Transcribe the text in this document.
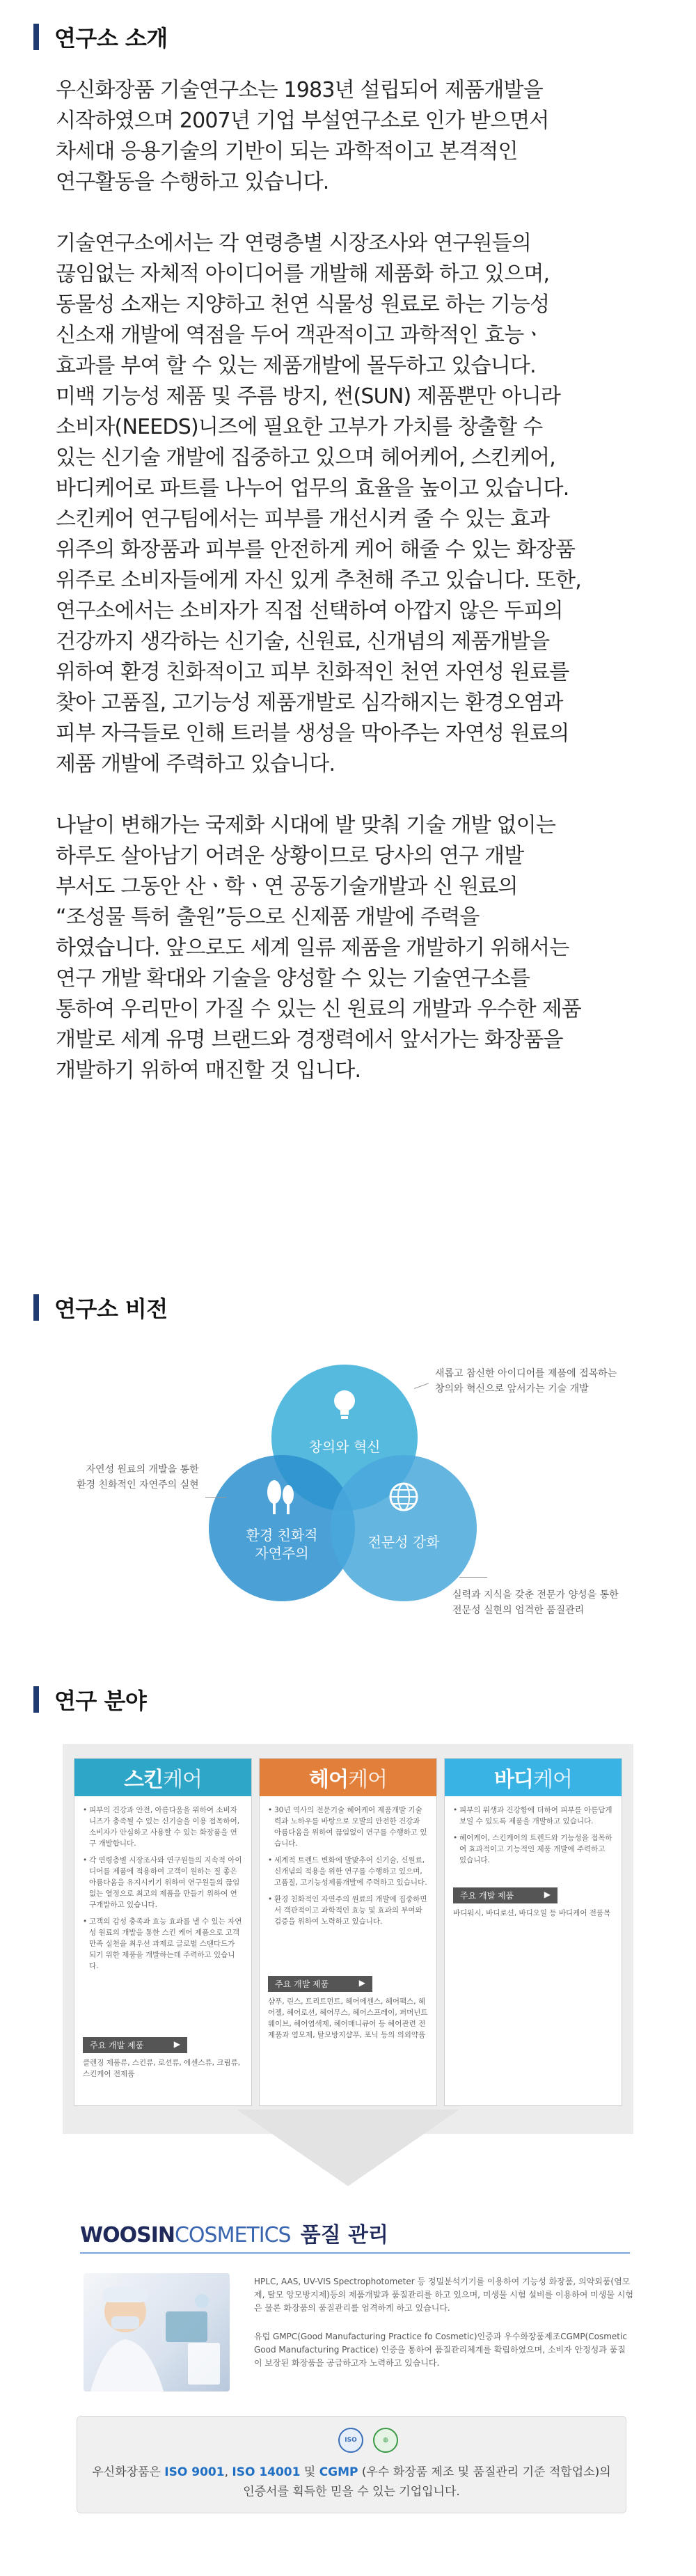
연구소 소개

우신화장품 기술연구소는 1983년 설립되어 제품개발을
시작하였으며 2007년 기업 부설연구소로 인가 받으면서
차세대 응용기술의 기반이 되는 과학적이고 본격적인
연구활동을 수행하고 있습니다.

기술연구소에서는 각 연령층별 시장조사와 연구원들의
끊임없는 자체적 아이디어를 개발해 제품화 하고 있으며,
동물성 소재는 지양하고 천연 식물성 원료로 하는 기능성
신소재 개발에 역점을 두어 객관적이고 과학적인 효능ㆍ
효과를 부여 할 수 있는 제품개발에 몰두하고 있습니다.
미백 기능성 제품 및 주름 방지, 썬(SUN) 제품뿐만 아니라
소비자(NEEDS)니즈에 필요한 고부가 가치를 창출할 수
있는 신기술 개발에 집중하고 있으며 헤어케어, 스킨케어,
바디케어로 파트를 나누어 업무의 효율을 높이고 있습니다.
스킨케어 연구팀에서는 피부를 개선시켜 줄 수 있는 효과
위주의 화장품과 피부를 안전하게 케어 해줄 수 있는 화장품
위주로 소비자들에게 자신 있게 추천해 주고 있습니다. 또한,
연구소에서는 소비자가 직접 선택하여 아깝지 않은 두피의
건강까지 생각하는 신기술, 신원료, 신개념의 제품개발을
위하여 환경 친화적이고 피부 친화적인 천연 자연성 원료를
찾아 고품질, 고기능성 제품개발로 심각해지는 환경오염과
피부 자극들로 인해 트러블 생성을 막아주는 자연성 원료의
제품 개발에 주력하고 있습니다.

나날이 변해가는 국제화 시대에 발 맞춰 기술 개발 없이는
하루도 살아남기 어려운 상황이므로 당사의 연구 개발
부서도 그동안 산ㆍ학ㆍ연 공동기술개발과 신 원료의
“조성물 특허 출원”등으로 신제품 개발에 주력을
하였습니다. 앞으로도 세계 일류 제품을 개발하기 위해서는
연구 개발 확대와 기술을 양성할 수 있는 기술연구소를
통하여 우리만이 가질 수 있는 신 원료의 개발과 우수한 제품
개발로 세계 유명 브랜드와 경쟁력에서 앞서가는 화장품을
개발하기 위하여 매진할 것 입니다.

연구소 비전
창의와 혁신
환경 친화적
자연주의
전문성 강화
새롭고 참신한 아이디어를 제품에 접목하는
창의와 혁신으로 앞서가는 기술 개발
자연성 원료의 개발을 통한
환경 친화적인 자연주의 실현
실력과 지식을 갖춘 전문가 양성을 통한
전문성 실현의 엄격한 품질관리
연구 분야
스킨 케어
• 피부의 건강과 안전, 아름다움을 위하여 소비자 니즈가 충족될 수 있는 신기술을 이용 접목하여, 소비자가 안심하고 사용할 수 있는 화장품을 연구 개발합니다.
• 각 연령층별 시장조사와 연구원들의 지속적 아이디어를 제품에 적용하여 고객이 원하는 질 좋은 아름다움을 유지시키기 위하여 연구원들의 끊임없는 열정으로 최고의 제품을 만들기 위하여 연구개발하고 있습니다.
• 고객의 감성 충족과 효능 효과를 낼 수 있는 자연성 원료의 개발을 통한 스킨 케어 제품으로 고객만족 실천을 최우선 과제로 글로벌 스탠다드가 되기 위한 제품을 개발하는데 주력하고 있습니다.
주요 개발 제품	▶
클렌징 제품류, 스킨류, 로션류, 에센스류, 크림류, 스킨케어 전제품
헤어 케어
• 30년 역사의 전문기술 헤어케어 제품개발 기술력과 노하우를 바탕으로 모발의 안전한 건강과 아름다움을 위하여 끊임없이 연구를 수행하고 있습니다.
• 세계적 트렌드 변화에 발맞추어 신기술, 신원료, 신개념의 적용을 위한 연구를 수행하고 있으며, 고품질, 고기능성제품개발에 주력하고 있습니다.
• 환경 친화적인 자연주의 원료의 개발에 집중하면서 객관적이고 과학적인 효능 및 효과의 부여와 검증을 위하여 노력하고 있습니다.
주요 개발 제품	▶
샴푸, 린스, 트리트먼트, 헤어에센스, 헤어팩스, 헤어젤, 헤어로션, 헤어무스, 헤어스프레이, 퍼머넌트웨이브, 헤어염색제, 헤어매니큐어 등 헤어관련 전제품과 염모제, 탈모방지샴푸, 포닉 등의 의외약품
바디 케어
• 피부의 위생과 건강함에 더하여 피부를 아름답게 보일 수 있도록 제품을 개발하고 있습니다.
• 헤어케어, 스킨케어의 트렌드와 기능성을 접목하여 효과적이고 기능적인 제품 개발에 주력하고 있습니다.
주요 개발 제품	▶
바디워시, 바디로션, 바디오일 등 바디케어 전품목
WOOSIN COSMETICS 품질 관리

HPLC, AAS, UV-VIS Spectrophotometer 등 정밀분석기기를 이용하여 기능성 화장품, 의약외품(염모제, 탈모 앙모방지제)등의 제품개발과 품질관리를 하고 있으며, 미생물 시험 설비를 이용하여 미생물 시험은 물론 화장품의 품질관리를 엄격하게 하고 있습니다.

유럽 GMPC(Good Manufacturing Practice fo Cosmetic)인증과 우수화장품제조CGMP(Cosmetic Good Manufacturing Practice) 인증을 통하여 품질관리체계를 확립하였으며, 소비자 안정성과 품질이 보장된 화장품을 공급하고자 노력하고 있습니다.

ISO	◍
우신화장품은 ISO 9001, ISO 14001 및 CGMP (우수 화장품 제조 및 품질관리 기준 적합업소)의
인증서를 획득한 믿을 수 있는 기업입니다.
